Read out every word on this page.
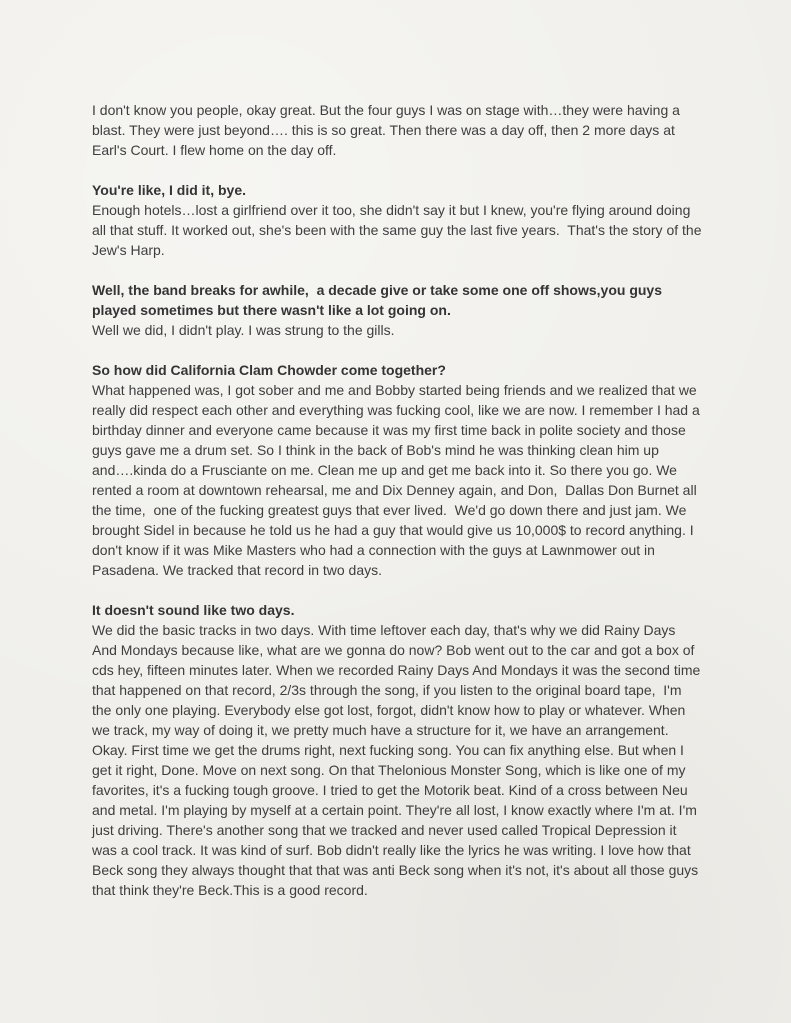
I don't know you people, okay great. But the four guys I was on stage with…they were having a blast. They were just beyond…. this is so great. Then there was a day off, then 2 more days at Earl's Court. I flew home on the day off.

You're like, I did it, bye.

Enough hotels…lost a girlfriend over it too, she didn't say it but I knew, you're flying around doing all that stuff. It worked out, she's been with the same guy the last five years.  That's the story of the Jew's Harp.

Well, the band breaks for awhile,  a decade give or take some one off shows,you guys played sometimes but there wasn't like a lot going on.

Well we did, I didn't play. I was strung to the gills.

So how did California Clam Chowder come together?

What happened was, I got sober and me and Bobby started being friends and we realized that we really did respect each other and everything was fucking cool, like we are now. I remember I had a birthday dinner and everyone came because it was my first time back in polite society and those guys gave me a drum set. So I think in the back of Bob's mind he was thinking clean him up and….kinda do a Frusciante on me. Clean me up and get me back into it. So there you go. We rented a room at downtown rehearsal, me and Dix Denney again, and Don,  Dallas Don Burnet all the time,  one of the fucking greatest guys that ever lived.  We'd go down there and just jam. We brought Sidel in because he told us he had a guy that would give us 10,000$ to record anything. I don't know if it was Mike Masters who had a connection with the guys at Lawnmower out in Pasadena. We tracked that record in two days.

It doesn't sound like two days.

We did the basic tracks in two days. With time leftover each day, that's why we did Rainy Days And Mondays because like, what are we gonna do now? Bob went out to the car and got a box of cds hey, fifteen minutes later. When we recorded Rainy Days And Mondays it was the second time that happened on that record, 2/3s through the song, if you listen to the original board tape,  I'm the only one playing. Everybody else got lost, forgot, didn't know how to play or whatever. When we track, my way of doing it, we pretty much have a structure for it, we have an arrangement. Okay. First time we get the drums right, next fucking song. You can fix anything else. But when I get it right, Done. Move on next song. On that Thelonious Monster Song, which is like one of my favorites, it's a fucking tough groove. I tried to get the Motorik beat. Kind of a cross between Neu and metal. I'm playing by myself at a certain point. They're all lost, I know exactly where I'm at. I'm just driving. There's another song that we tracked and never used called Tropical Depression it was a cool track. It was kind of surf. Bob didn't really like the lyrics he was writing. I love how that Beck song they always thought that that was anti Beck song when it's not, it's about all those guys that think they're Beck.This is a good record.
